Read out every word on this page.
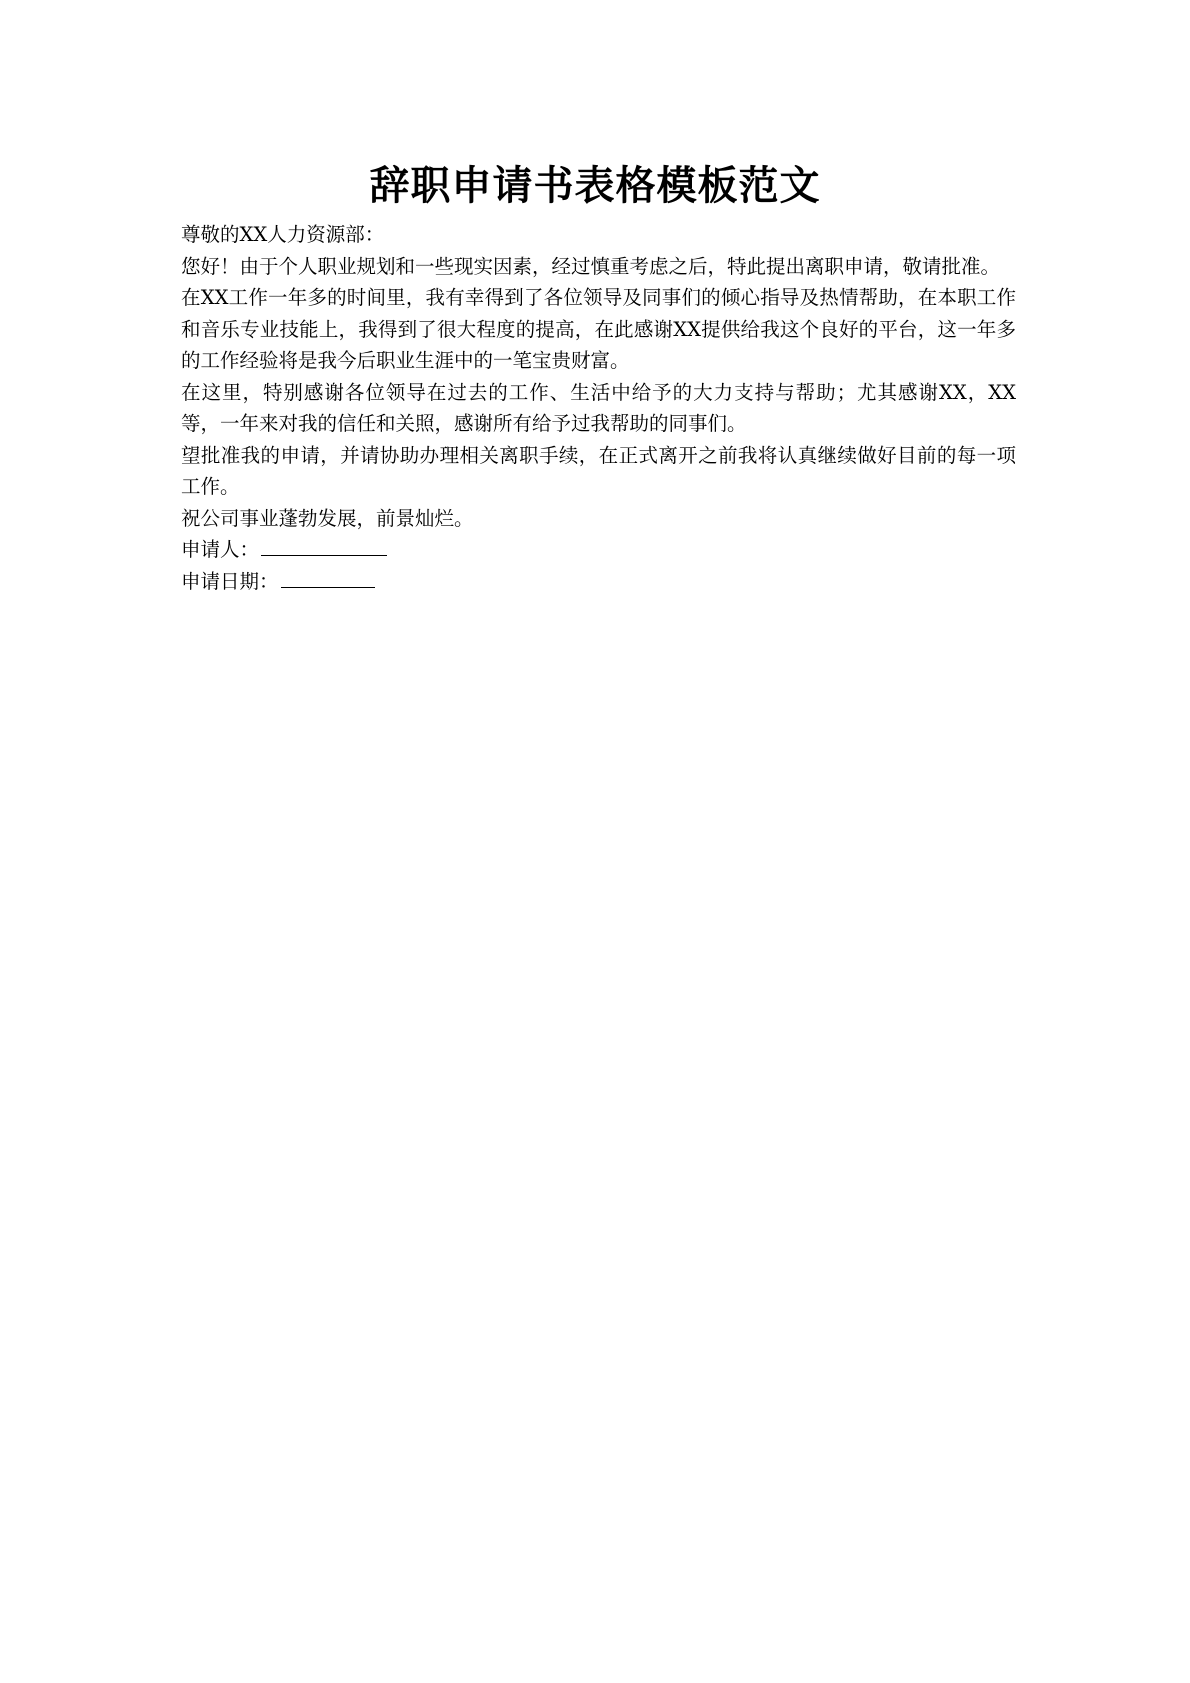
辞职申请书表格模板范文

尊敬的XX人力资源部：

您好！由于个人职业规划和一些现实因素，经过慎重考虑之后，特此提出离职申请，敬请批准。

在XX工作一年多的时间里，我有幸得到了各位领导及同事们的倾心指导及热情帮助，在本职工作和音乐专业技能上，我得到了很大程度的提高，在此感谢XX提供给我这个良好的平台，这一年多的工作经验将是我今后职业生涯中的一笔宝贵财富。

在这里，特别感谢各位领导在过去的工作、生活中给予的大力支持与帮助；尤其感谢XX，XX等，一年来对我的信任和关照，感谢所有给予过我帮助的同事们。

望批准我的申请，并请协助办理相关离职手续，在正式离开之前我将认真继续做好目前的每一项工作。

祝公司事业蓬勃发展，前景灿烂。

申请人：
申请日期：
